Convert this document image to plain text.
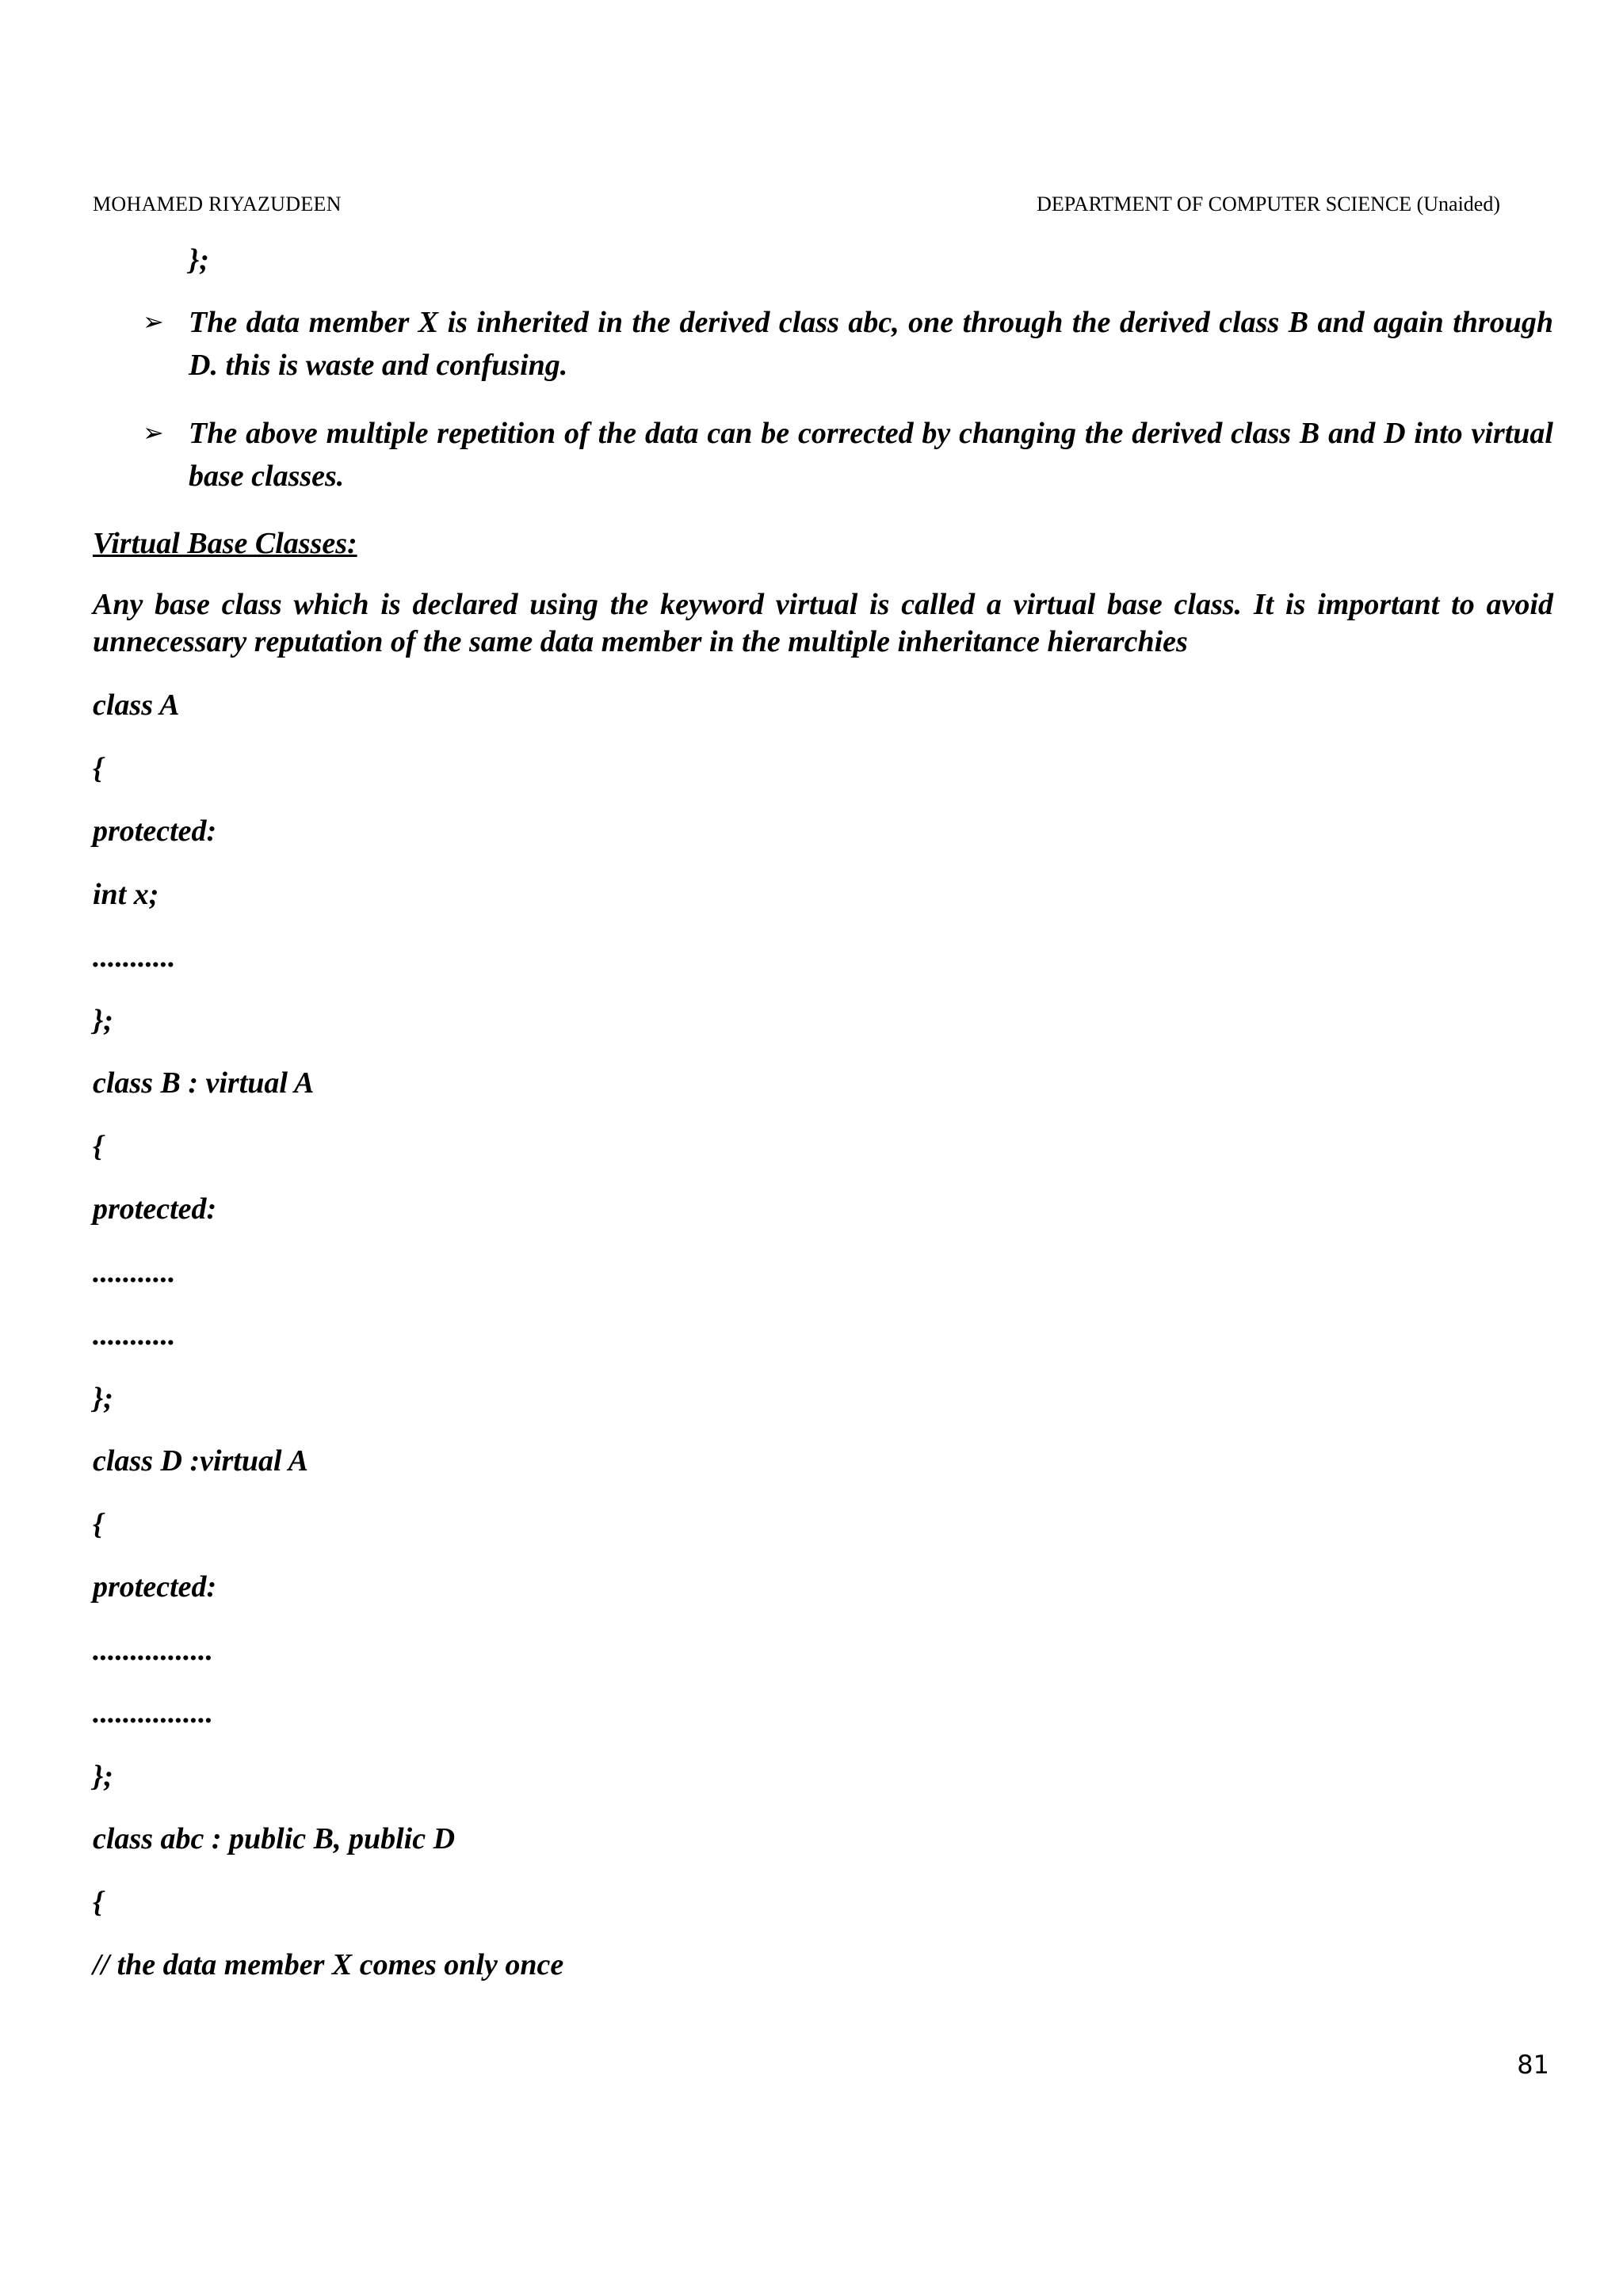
MOHAMED RIYAZUDEEN	DEPARTMENT OF COMPUTER SCIENCE (Unaided)
};
➢ The data member X is inherited in the derived class abc, one through the derived class B and again through D. this is waste and confusing.
➢ The above multiple repetition of the data can be corrected by changing the derived class B and D into virtual base classes.
Virtual Base Classes:
Any base class which is declared using the keyword virtual is called a virtual base class. It is important to avoid unnecessary reputation of the same data member in the multiple inheritance hierarchies
class A
{
protected:
int x;
...........
};
class B : virtual A
{
protected:
...........
...........
};
class D :virtual A
{
protected:
................
................
};
class abc : public B, public D
{
// the data member X comes only once
81
